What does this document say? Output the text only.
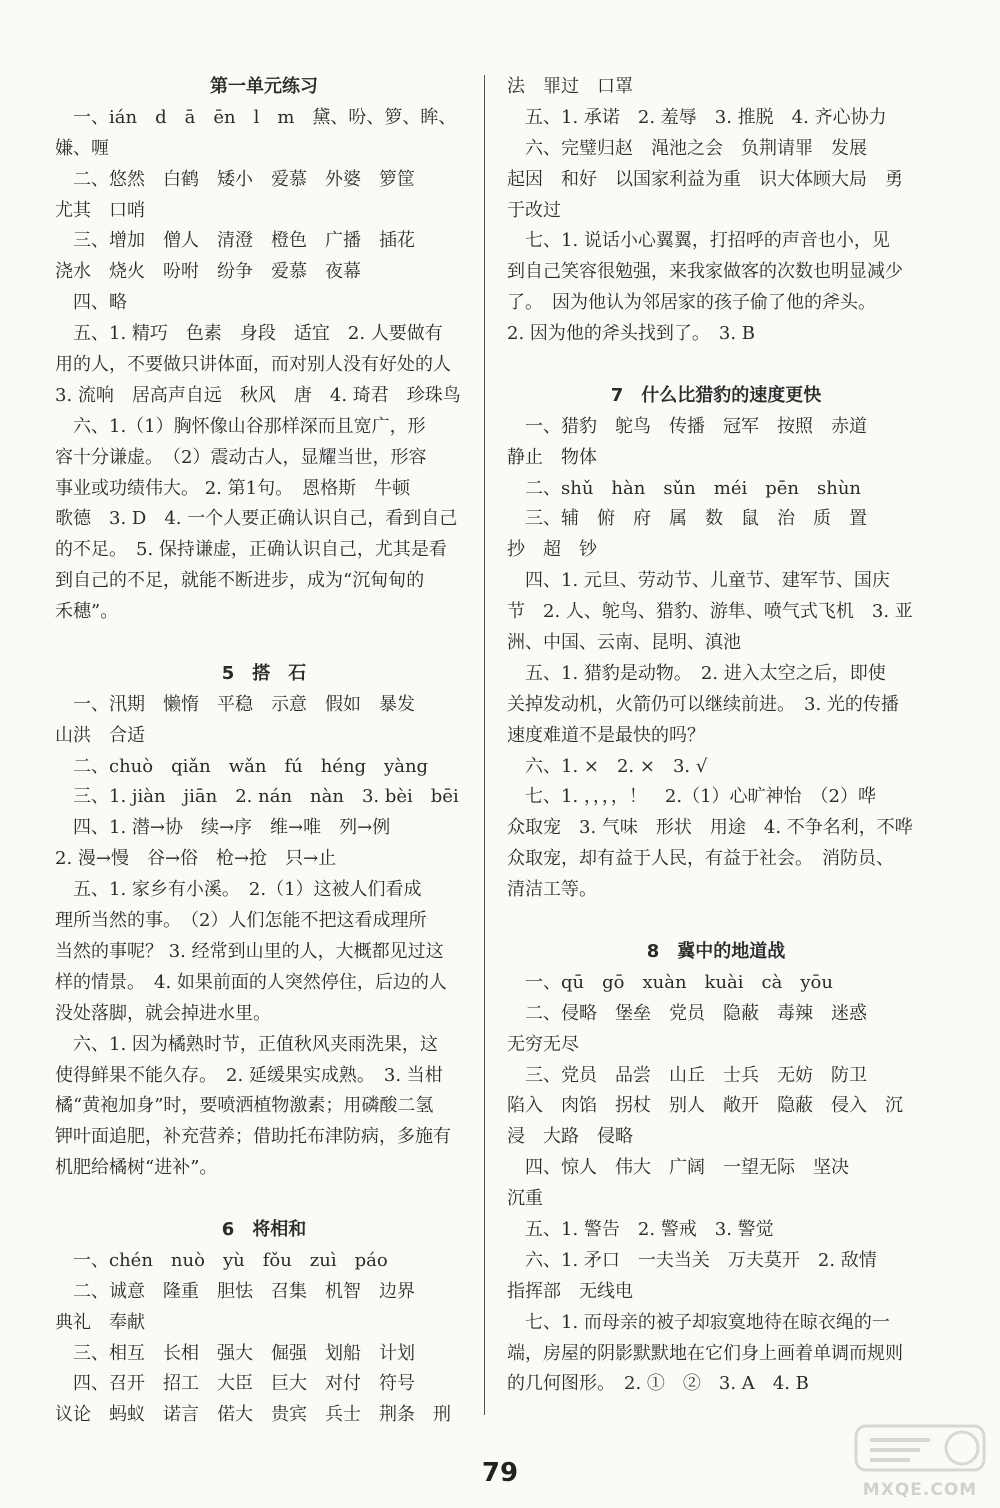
第一单元练习
　一、ián　d　ā　ēn　l　m　黛、吩、箩、眸、
嫌、喱
　二、悠然　白鹤　矮小　爱慕　外婆　箩筐
尤其　口哨
　三、增加　僧人　清澄　橙色　广播　插花
浇水　烧火　吩咐　纷争　爱慕　夜幕
　四、略
　五、1. 精巧　色素　身段　适宜　2. 人要做有
用的人，不要做只讲体面，而对别人没有好处的人
3. 流响　居高声自远　秋风　唐　4. 琦君　珍珠鸟
　六、1.（1）胸怀像山谷那样深而且宽广，形
容十分谦虚。　（2）震动古人，显耀当世，形容
事业或功绩伟大。 2. 第1句。　恩格斯　牛顿
歌德　3. D　4. 一个人要正确认识自己，看到自己
的不足。　5. 保持谦虚，正确认识自己，尤其是看
到自己的不足，就能不断进步，成为“沉甸甸的
禾穗”。
5　搭　石
　一、汛期　懒惰　平稳　示意　假如　暴发
山洪　合适
　二、chuò　qiǎn　wǎn　fú　héng　yàng
　三、1. jiàn　jiān　2. nán　nàn　3. bèi　bēi
　四、1. 潜→协　续→序　维→唯　列→例
2. 漫→慢　谷→俗　枪→抢　只→止
　五、1. 家乡有小溪。　2.（1）这被人们看成
理所当然的事。　（2）人们怎能不把这看成理所
当然的事呢？ 3. 经常到山里的人，大概都见过这
样的情景。　4. 如果前面的人突然停住，后边的人
没处落脚，就会掉进水里。
　六、1. 因为橘熟时节，正值秋风夹雨洗果，这
使得鲜果不能久存。　2. 延缓果实成熟。　3. 当柑
橘“黄袍加身”时，要喷洒植物激素；用磷酸二氢
钾叶面追肥，补充营养；借助托布津防病，多施有
机肥给橘树“进补”。
6　将相和
　一、chén　nuò　yù　fǒu　zuì　páo
　二、诚意　隆重　胆怯　召集　机智　边界
典礼　奉献
　三、相互　长相　强大　倔强　划船　计划
　四、召开　招工　大臣　巨大　对付　符号
议论　蚂蚁　诺言　偌大　贵宾　兵士　荆条　刑
法　罪过　口罩
　五、1. 承诺　2. 羞辱　3. 推脱　4. 齐心协力
　六、完璧归赵　渑池之会　负荆请罪　发展
起因　和好　以国家利益为重　识大体顾大局　勇
于改过
　七、1. 说话小心翼翼，打招呼的声音也小，见
到自己笑容很勉强，来我家做客的次数也明显减少
了。　因为他认为邻居家的孩子偷了他的斧头。
2. 因为他的斧头找到了。　3. B
7　什么比猎豹的速度更快
　一、猎豹　鸵鸟　传播　冠军　按照　赤道
静止　物体
　二、shǔ　hàn　sǔn　méi　pēn　shùn
　三、辅　俯　府　属　数　鼠　治　质　置
抄　超　钞
　四、1. 元旦、劳动节、儿童节、建军节、国庆
节　2. 人、鸵鸟、猎豹、游隼、喷气式飞机　3. 亚
洲、中国、云南、昆明、滇池
　五、1. 猎豹是动物。　2. 进入太空之后，即使
关掉发动机，火箭仍可以继续前进。　3. 光的传播
速度难道不是最快的吗？
　六、1. ×　2. ×　3. √
　七、1. ，，，，！　2.（1）心旷神怡　（2）哗
众取宠　3. 气味　形状　用途　4. 不争名利，不哗
众取宠，却有益于人民，有益于社会。　消防员、
清洁工等。
8　冀中的地道战
　一、qū　gō　xuàn　kuài　cà　yōu
　二、侵略　堡垒　党员　隐蔽　毒辣　迷惑
无穷无尽
　三、党员　品尝　山丘　士兵　无妨　防卫
陷入　肉馅　拐杖　别人　敞开　隐蔽　侵入　沉
浸　大路　侵略
　四、惊人　伟大　广阔　一望无际　坚决
沉重
　五、1. 警告　2. 警戒　3. 警觉
　六、1. 矛口　一夫当关　万夫莫开　2. 敌情
指挥部　无线电
　七、1. 而母亲的被子却寂寞地待在晾衣绳的一
端，房屋的阴影默默地在它们身上画着单调而规则
的几何图形。　2. ①　②　3. A　4. B
79
MXQE.COM
